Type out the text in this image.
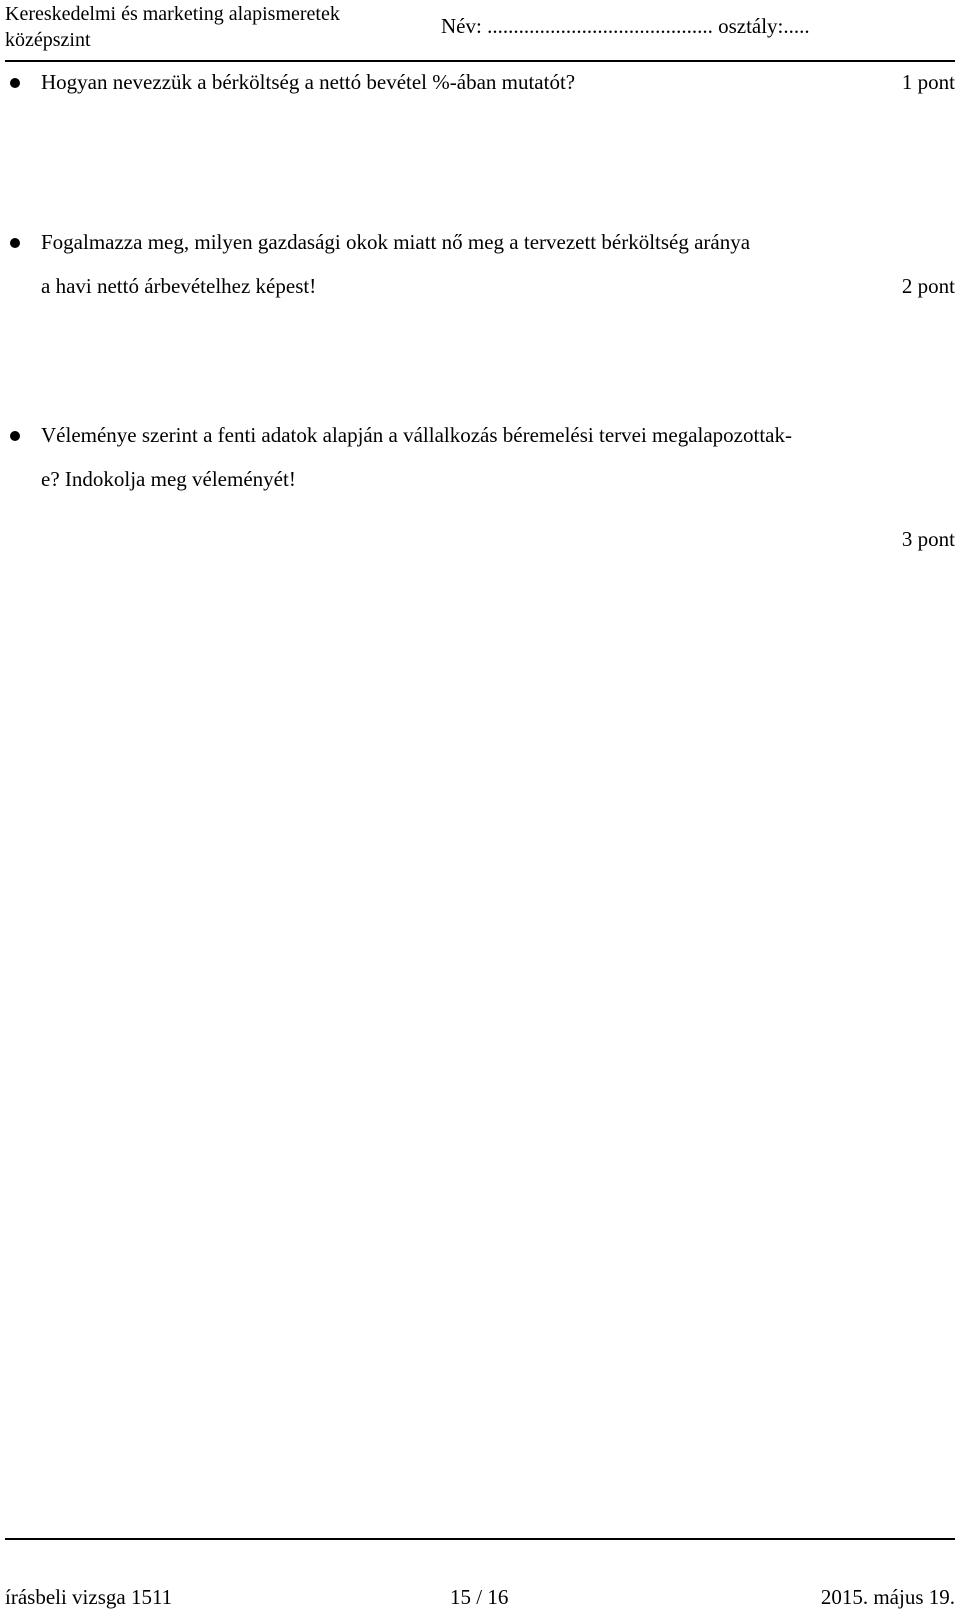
Kereskedelmi és marketing alapismeretek
középszint
Név: ........................................... osztály:.....
Hogyan nevezzük a bérköltség a nettó bevétel %-ában mutatót?	1 pont
Fogalmazza meg, milyen gazdasági okok miatt nő meg a tervezett bérköltség aránya
a havi nettó árbevételhez képest!	2 pont
Véleménye szerint a fenti adatok alapján a vállalkozás béremelési tervei megalapozottak-
e? Indokolja meg véleményét!
3 pont
írásbeli vizsga 1511	15 / 16	2015. május 19.
